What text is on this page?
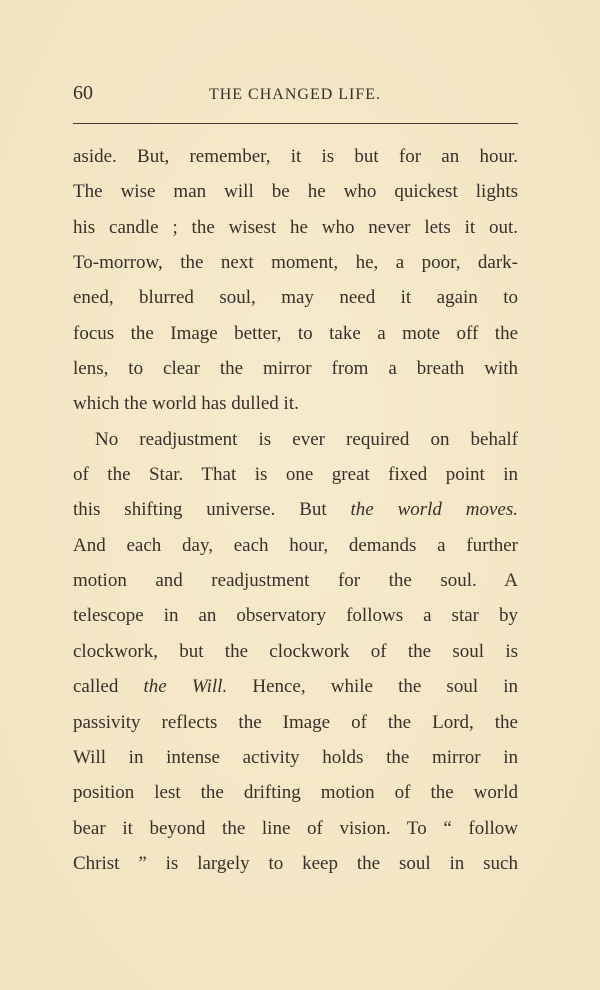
60	THE CHANGED LIFE.
aside. But, remember, it is but for an hour.
The wise man will be he who quickest lights
his candle ; the wisest he who never lets it out.
To-morrow, the next moment, he, a poor, dark-
ened, blurred soul, may need it again to
focus the Image better, to take a mote off the
lens, to clear the mirror from a breath with
which the world has dulled it.
No readjustment is ever required on behalf
of the Star. That is one great fixed point in
this shifting universe. But the world moves.
And each day, each hour, demands a further
motion and readjustment for the soul. A
telescope in an observatory follows a star by
clockwork, but the clockwork of the soul is
called the Will. Hence, while the soul in
passivity reflects the Image of the Lord, the
Will in intense activity holds the mirror in
position lest the drifting motion of the world
bear it beyond the line of vision. To “ follow
Christ ” is largely to keep the soul in such
